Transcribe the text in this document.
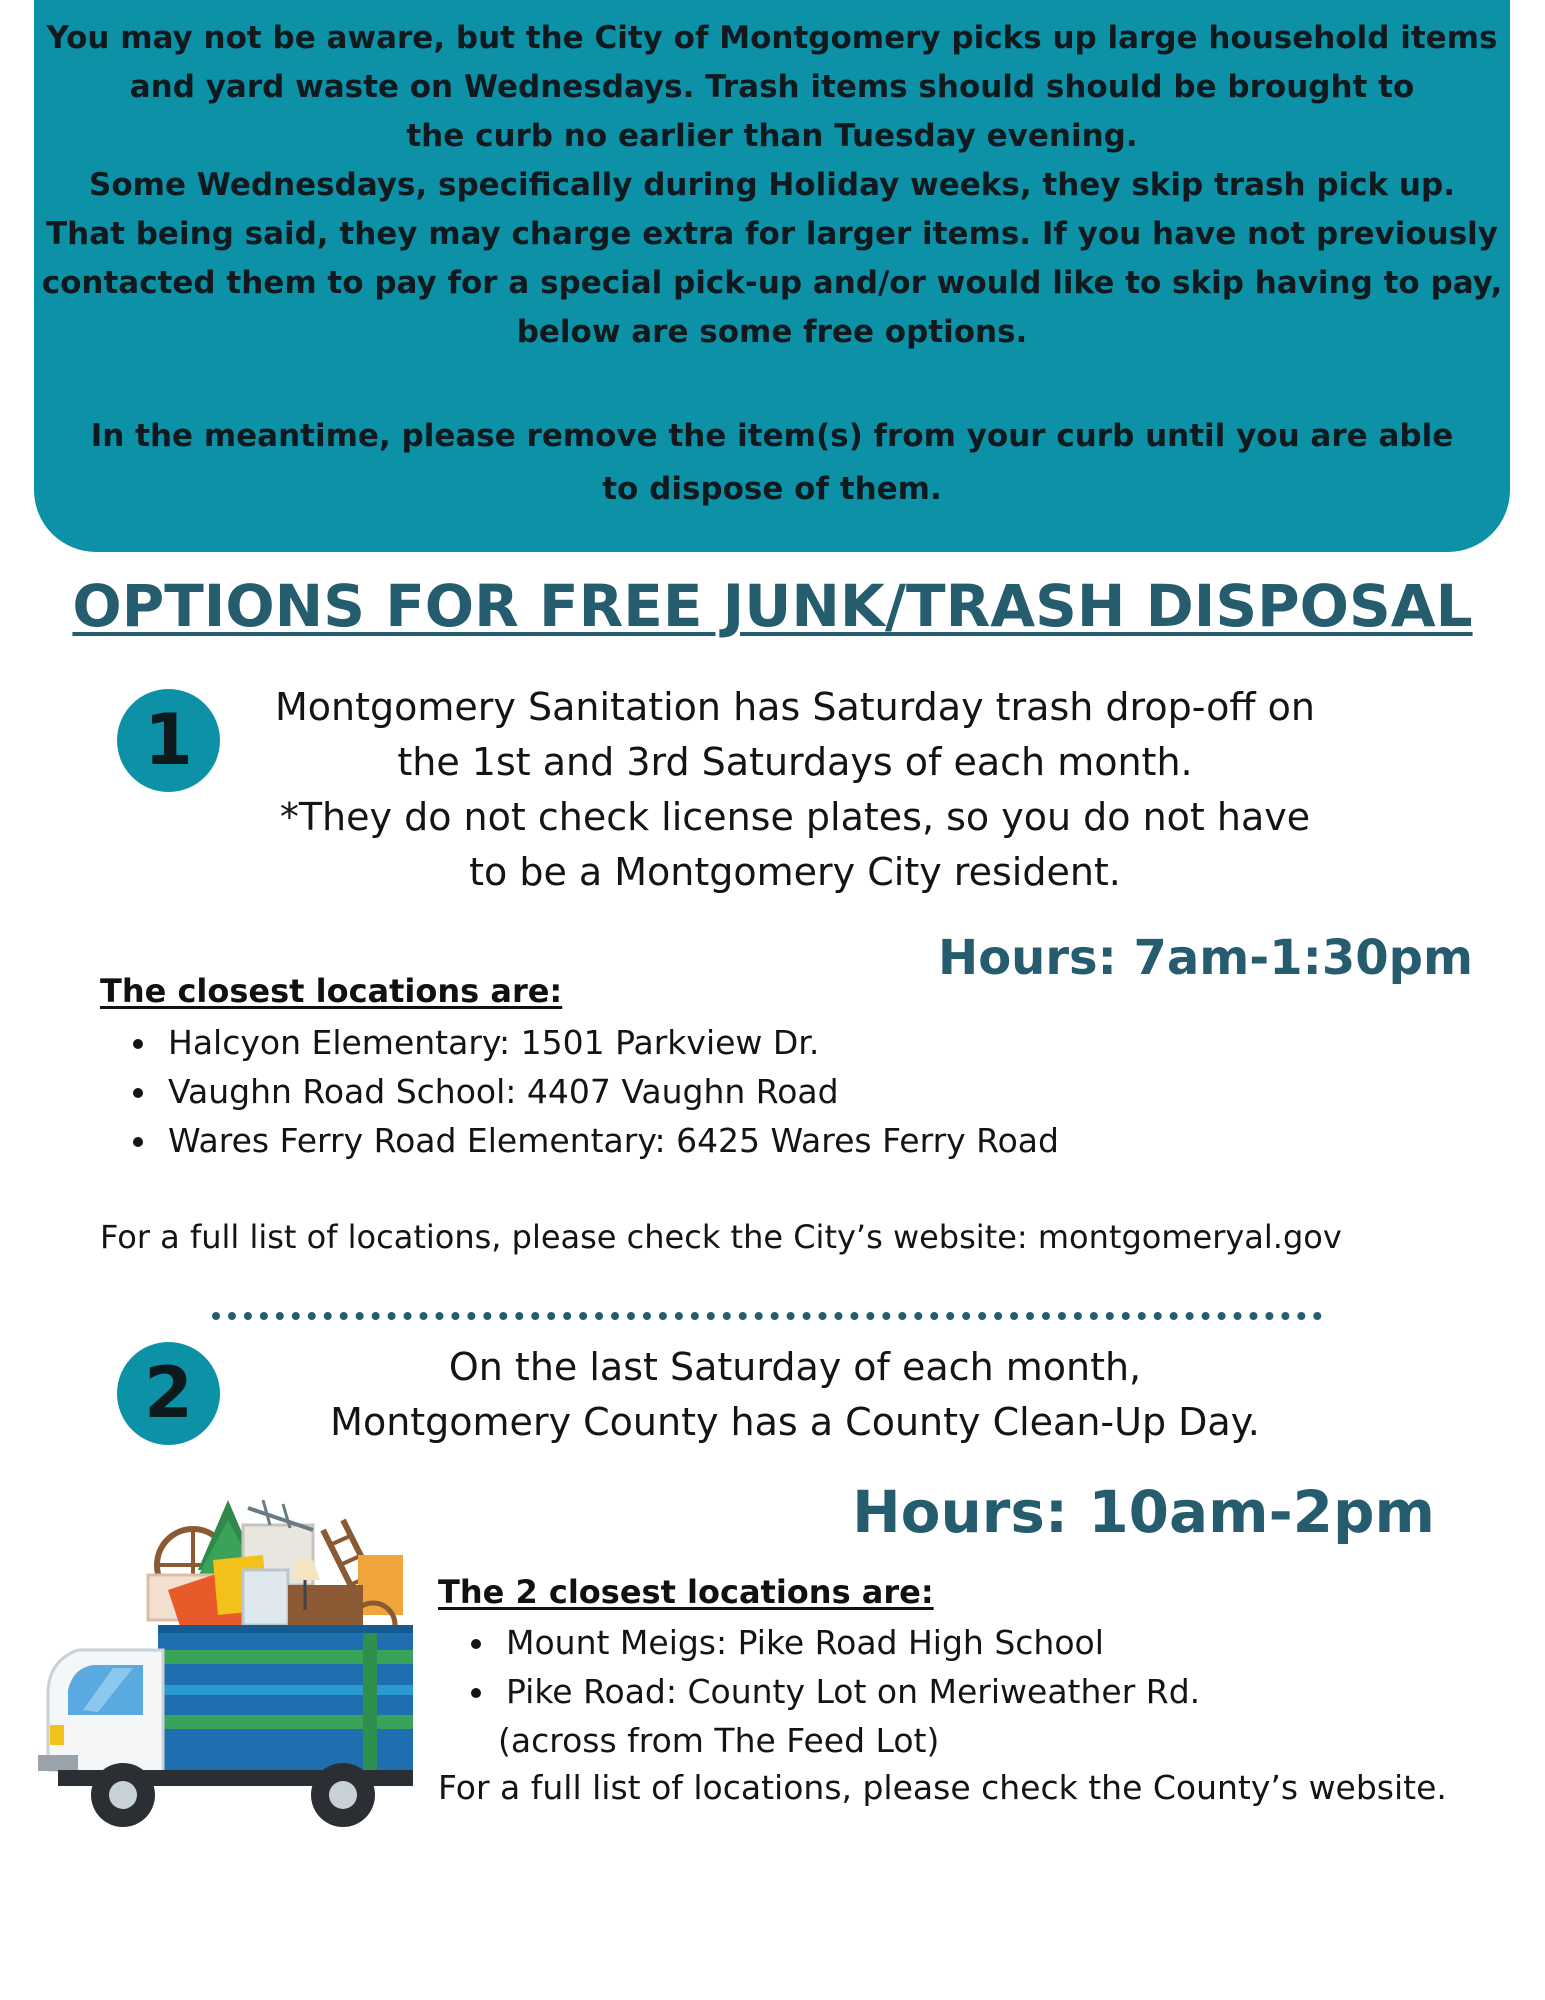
You may not be aware, but the City of Montgomery picks up large household items
and yard waste on Wednesdays. Trash items should should be brought to
the curb no earlier than Tuesday evening.
Some Wednesdays, specifically during Holiday weeks, they skip trash pick up.
That being said, they may charge extra for larger items. If you have not previously
contacted them to pay for a special pick-up and/or would like to skip having to pay,
below are some free options.
In the meantime, please remove the item(s) from your curb until you are able
to dispose of them.
OPTIONS FOR FREE JUNK/TRASH DISPOSAL
1	Montgomery Sanitation has Saturday trash drop-off on
the 1st and 3rd Saturdays of each month.
*They do not check license plates, so you do not have
to be a Montgomery City resident.
Hours: 7am-1:30pm
The closest locations are:
• Halcyon Elementary: 1501 Parkview Dr.
• Vaughn Road School: 4407 Vaughn Road
• Wares Ferry Road Elementary: 6425 Wares Ferry Road
For a full list of locations, please check the City’s website: montgomeryal.gov
2	On the last Saturday of each month,
Montgomery County has a County Clean-Up Day.
Hours: 10am-2pm
The 2 closest locations are:
• Mount Meigs: Pike Road High School
• Pike Road: County Lot on Meriweather Rd.
(across from The Feed Lot)
For a full list of locations, please check the County’s website.
